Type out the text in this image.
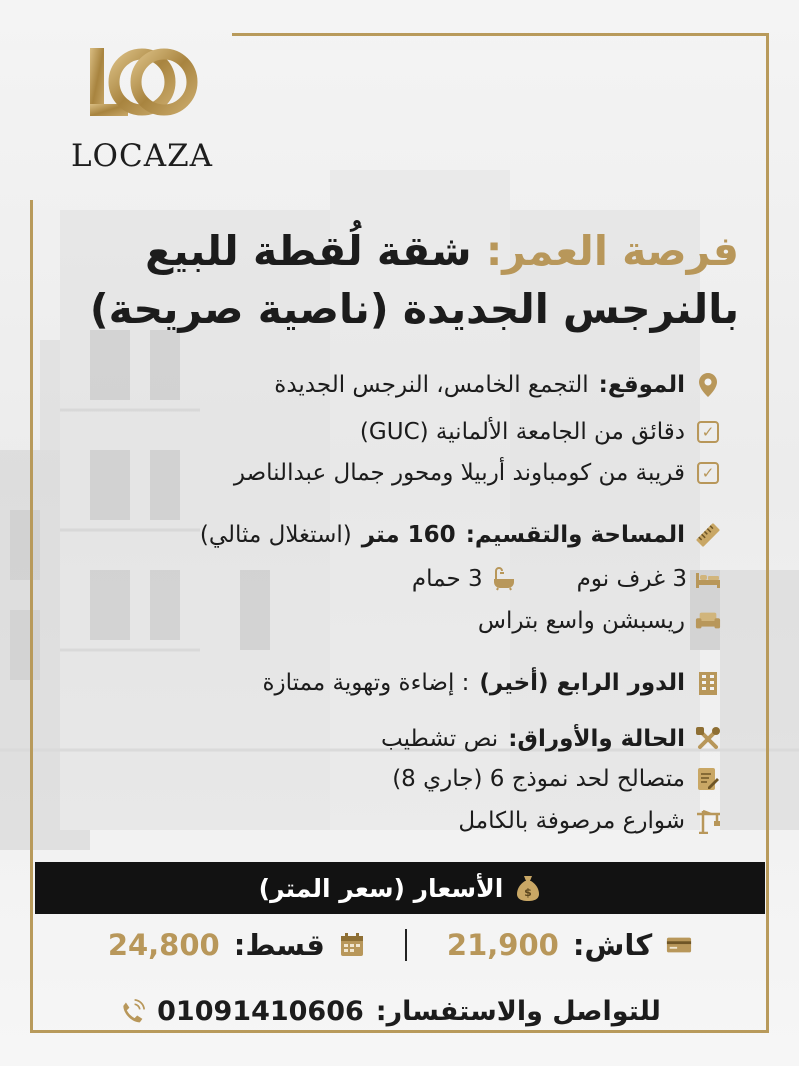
LOCAZA
فرصة العمر: شقة لُقطة للبيع
بالنرجس الجديدة (ناصية صريحة)
الموقع:
التجمع الخامس، النرجس الجديدة
✓
دقائق من الجامعة الألمانية (GUC)
✓
قريبة من كومباوند أربيلا ومحور جمال عبدالناصر
المساحة والتقسيم:
160 متر
(استغلال مثالي)
3 غرف نوم
3 حمام
ريسبشن واسع بتراس
الدور الرابع (أخير)
: إضاءة وتهوية ممتازة
الحالة والأوراق:
نص تشطيب
متصالح لحد نموذج 6 (جاري 8)
شوارع مرصوفة بالكامل
$
الأسعار (سعر المتر)
كاش:
21,900
قسط:
24,800
للتواصل والاستفسار:
01091410606
